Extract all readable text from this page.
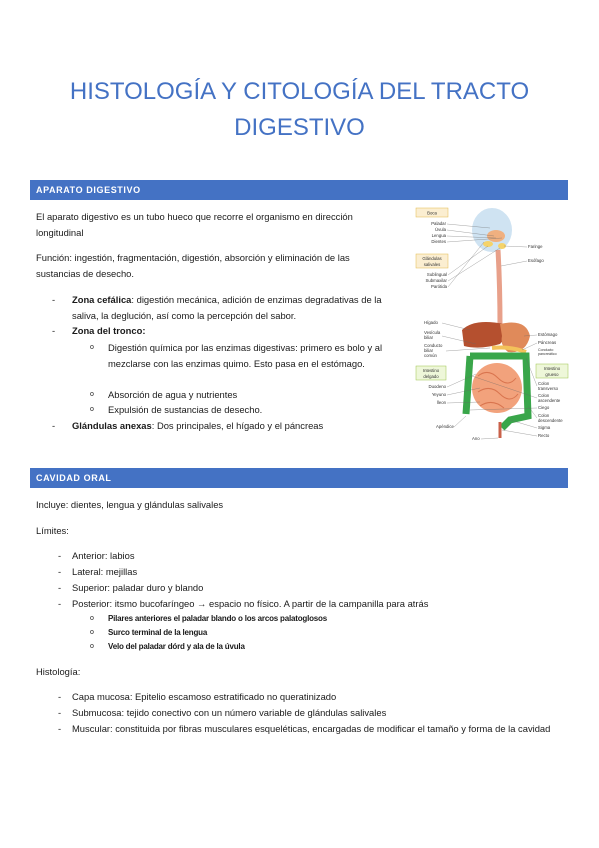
HISTOLOGÍA Y CITOLOGÍA DEL TRACTO DIGESTIVO
APARATO DIGESTIVO

El aparato digestivo es un tubo hueco que recorre el organismo en dirección longitudinal

Función: ingestión, fragmentación, digestión, absorción y eliminación de las sustancias de desecho.

- Zona cefálica: digestión mecánica, adición de enzimas degradativas de la saliva, la deglución, así como la percepción del sabor.

- Zona del tronco:

o Digestión química por las enzimas digestivas: primero es bolo y al mezclarse con las enzimas quimo. Esto pasa en el estómago.

o Absorción de agua y nutrientes

o Expulsión de sustancias de desecho.

- Glándulas anexas: Dos principales, el hígado y el páncreas

Boca
Paladar
Úvula
Lengua
Dientes
Glándulas
salivales
Sublingual
Submaxilar
Parótida
Faringe
Esófago
Hígado
Vesícula
biliar
Conducto
biliar
común
Estómago
Páncreas
Conducto
pancreático
Intestino
delgado
Duodeno
Yeyuno
Íleon
Intestino
grueso
Colon
transverso
Colon
ascendente
Ciego
Colon
descendente
Sigma
Recto
Apéndice
Ano
CAVIDAD ORAL

Incluye: dientes, lengua y glándulas salivales

Límites:

- Anterior: labios

- Lateral: mejillas

- Superior: paladar duro y blando

- Posterior: itsmo bucofaríngeo → espacio no físico. A partir de la campanilla para atrás

o Pilares anteriores el paladar blando o los arcos palatoglosos

o Surco terminal de la lengua

o Velo del paladar dórd y ala de la úvula

Histología:

- Capa mucosa: Epitelio escamoso estratificado no queratinizado

- Submucosa: tejido conectivo con un número variable de glándulas salivales

- Muscular: constituida por fibras musculares esqueléticas, encargadas de modificar el tamaño y forma de la cavidad
